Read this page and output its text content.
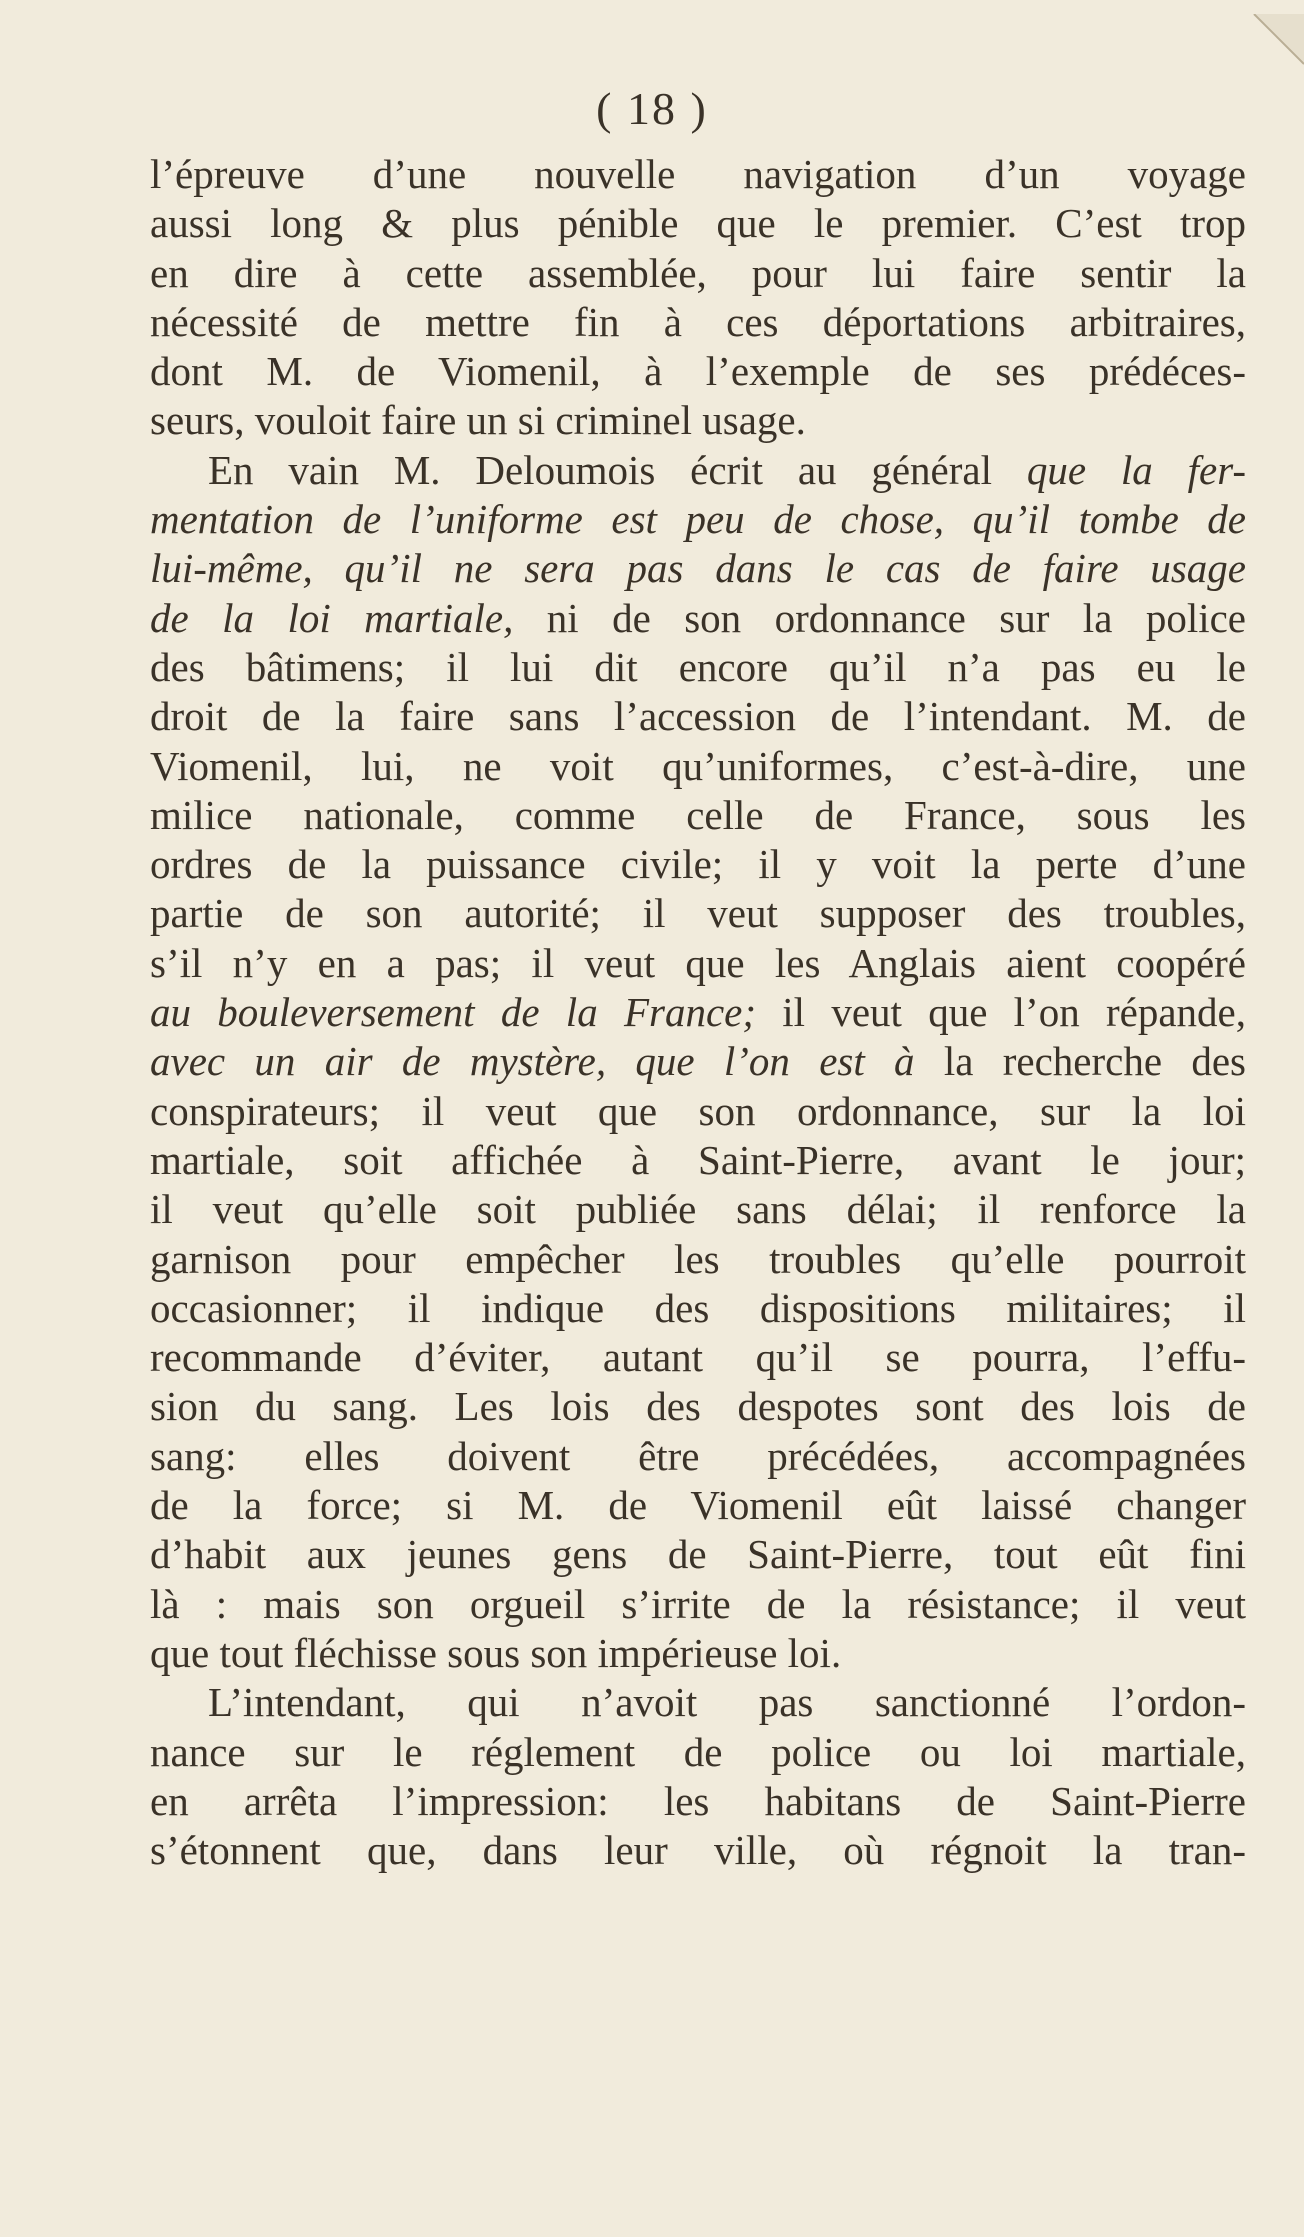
( 18 )
l’épreuve d’une nouvelle navigation d’un voyage
aussi long & plus pénible que le premier. C’est trop
en dire à cette assemblée, pour lui faire sentir la
nécessité de mettre fin à ces déportations arbitraires,
dont M. de Viomenil, à l’exemple de ses prédéces-
seurs, vouloit faire un si criminel usage.
En vain M. Deloumois écrit au général que la fer-
mentation de l’uniforme est peu de chose, qu’il tombe de
lui-même, qu’il ne sera pas dans le cas de faire usage
de la loi martiale, ni de son ordonnance sur la police
des bâtimens; il lui dit encore qu’il n’a pas eu le
droit de la faire sans l’accession de l’intendant. M. de
Viomenil, lui, ne voit qu’uniformes, c’est-à-dire, une
milice nationale, comme celle de France, sous les
ordres de la puissance civile; il y voit la perte d’une
partie de son autorité; il veut supposer des troubles,
s’il n’y en a pas; il veut que les Anglais aient coopéré
au bouleversement de la France; il veut que l’on répande,
avec un air de mystère, que l’on est à la recherche des
conspirateurs; il veut que son ordonnance, sur la loi
martiale, soit affichée à Saint-Pierre, avant le jour;
il veut qu’elle soit publiée sans délai; il renforce la
garnison pour empêcher les troubles qu’elle pourroit
occasionner; il indique des dispositions militaires; il
recommande d’éviter, autant qu’il se pourra, l’effu-
sion du sang. Les lois des despotes sont des lois de
sang: elles doivent être précédées, accompagnées
de la force; si M. de Viomenil eût laissé changer
d’habit aux jeunes gens de Saint-Pierre, tout eût fini
là : mais son orgueil s’irrite de la résistance; il veut
que tout fléchisse sous son impérieuse loi.
L’intendant, qui n’avoit pas sanctionné l’ordon-
nance sur le réglement de police ou loi martiale,
en arrêta l’impression: les habitans de Saint-Pierre
s’étonnent que, dans leur ville, où régnoit la tran-
